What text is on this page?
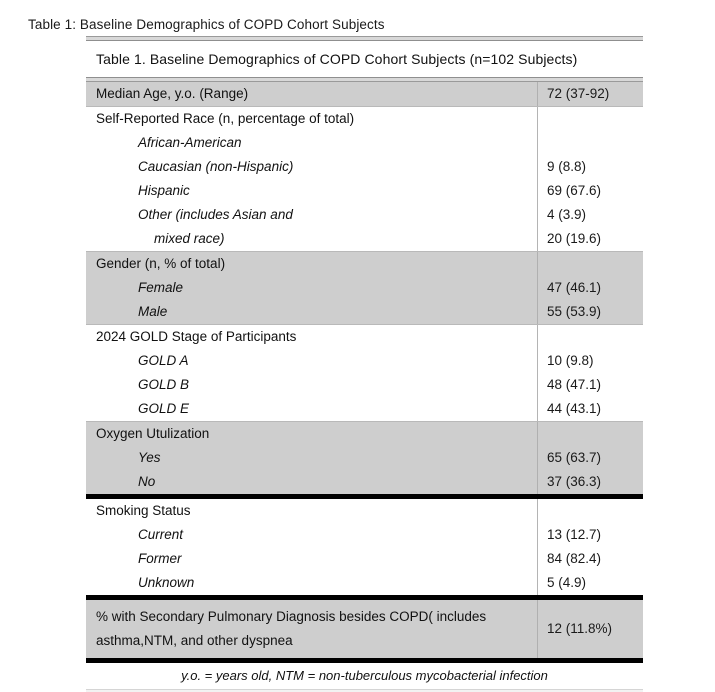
Table 1: Baseline Demographics of COPD Cohort Subjects
Table 1. Baseline Demographics of COPD Cohort Subjects (n=102 Subjects)
Median Age, y.o. (Range)	72 (37-92)
Self-Reported Race (n, percentage of total)
African-American
Caucasian (non-Hispanic)
Hispanic
Other (includes Asian and
mixed race)
9 (8.8)
69 (67.6)
4 (3.9)
20 (19.6)
Gender (n, % of total)
Female
Male
47 (46.1)
55 (53.9)
2024 GOLD Stage of Participants
GOLD A
GOLD B
GOLD E
10 (9.8)
48 (47.1)
44 (43.1)
Oxygen Utulization
Yes
No
65 (63.7)
37 (36.3)
Smoking Status
Current
Former
Unknown
13 (12.7)
84 (82.4)
5 (4.9)
% with Secondary Pulmonary Diagnosis besides COPD( includes asthma,NTM, and other dyspnea
12 (11.8%)
y.o. = years old, NTM = non-tuberculous mycobacterial infection
